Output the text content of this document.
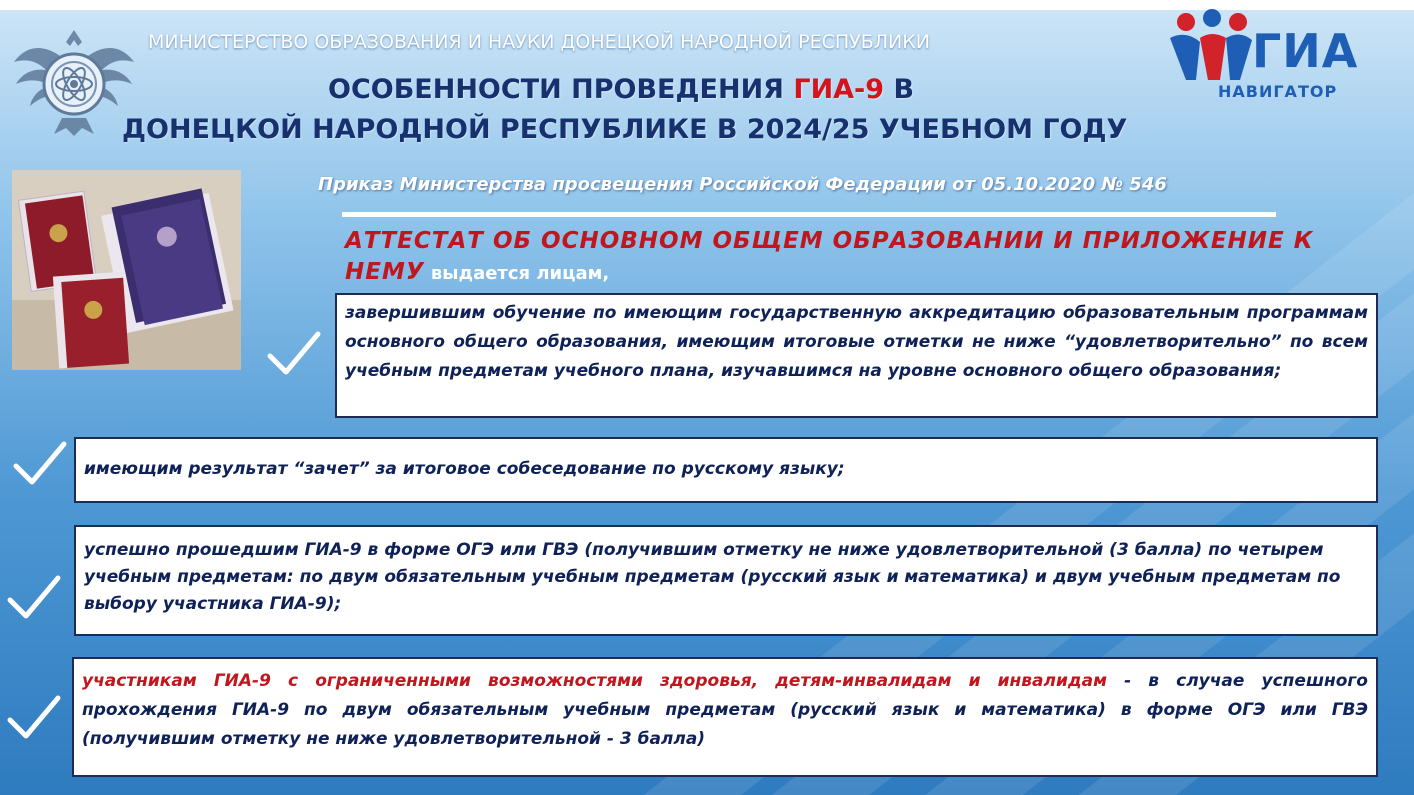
МИНИСТЕРСТВО ОБРАЗОВАНИЯ И НАУКИ ДОНЕЦКОЙ НАРОДНОЙ РЕСПУБЛИКИ
ОСОБЕННОСТИ ПРОВЕДЕНИЯ ГИА-9 В
ДОНЕЦКОЙ НАРОДНОЙ РЕСПУБЛИКЕ В 2024/25 УЧЕБНОМ ГОДУ
ГИА
НАВИГАТОР
Приказ Министерства просвещения Российской Федерации от 05.10.2020 № 546
АТТЕСТАТ ОБ ОСНОВНОМ ОБЩЕМ ОБРАЗОВАНИИ И ПРИЛОЖЕНИЕ К НЕМУ выдается лицам,
завершившим обучение по имеющим государственную аккредитацию образовательным программам основного общего образования, имеющим итоговые отметки не ниже “удовлетворительно” по всем учебным предметам учебного плана, изучавшимся на уровне основного общего образования;
имеющим результат “зачет” за итоговое собеседование по русскому языку;
успешно прошедшим ГИА-9 в форме ОГЭ или ГВЭ (получившим отметку не ниже удовлетворительной (3 балла) по четырем учебным предметам: по двум обязательным учебным предметам (русский язык и математика) и двум учебным предметам по выбору участника ГИА-9);
участникам ГИА-9 с ограниченными возможностями здоровья, детям-инвалидам и инвалидам - в случае успешного прохождения ГИА-9 по двум обязательным учебным предметам (русский язык и математика) в форме ОГЭ или ГВЭ (получившим отметку не ниже удовлетворительной - 3 балла)
